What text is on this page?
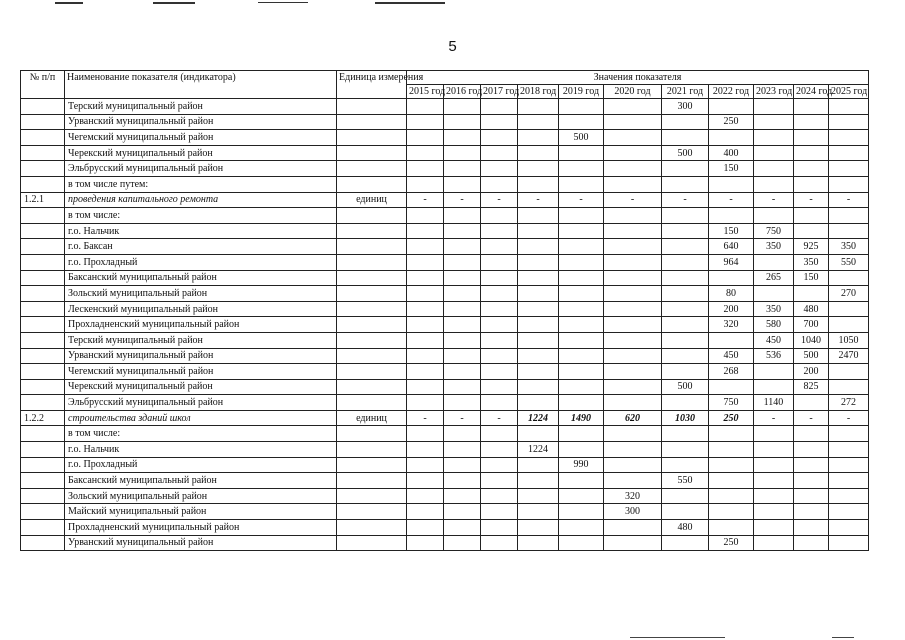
5
№ п/п	Наименование показателя (индикатора)	Единица измерения	Значения показателя										
			2015 год	2016 год	2017 год	2018 год	2019 год	2020 год	2021 год	2022 год	2023 год	2024 год	2025 год
	Терский муниципальный район								300				
	Урванский муниципальный район									250			
	Чегемский муниципальный район						500						
	Черекский муниципальный район								500	400			
	Эльбрусский муниципальный район									150			
	в том числе путем:												
1.2.1	проведения капитального ремонта	единиц	-	-	-	-	-	-	-	-	-	-	-
	в том числе:												
	г.о. Нальчик									150	750		
	г.о. Баксан									640	350	925	350
	г.о. Прохладный									964		350	550
	Баксанский муниципальный район										265	150	
	Зольский муниципальный район									80			270
	Лескенский муниципальный район									200	350	480	
	Прохладненский муниципальный район									320	580	700	
	Терский муниципальный район										450	1040	1050
	Урванский муниципальный район									450	536	500	2470
	Чегемский муниципальный район									268		200	
	Черекский муниципальный район								500			825	
	Эльбрусский муниципальный район									750	1140		272
1.2.2	строительства зданий школ	единиц	-	-	-	1224	1490	620	1030	250	-	-	-
	в том числе:												
	г.о. Нальчик					1224							
	г.о. Прохладный						990						
	Баксанский муниципальный район								550				
	Зольский муниципальный район							320					
	Майский муниципальный район							300					
	Прохладненский муниципальный район								480				
	Урванский муниципальный район									250			
